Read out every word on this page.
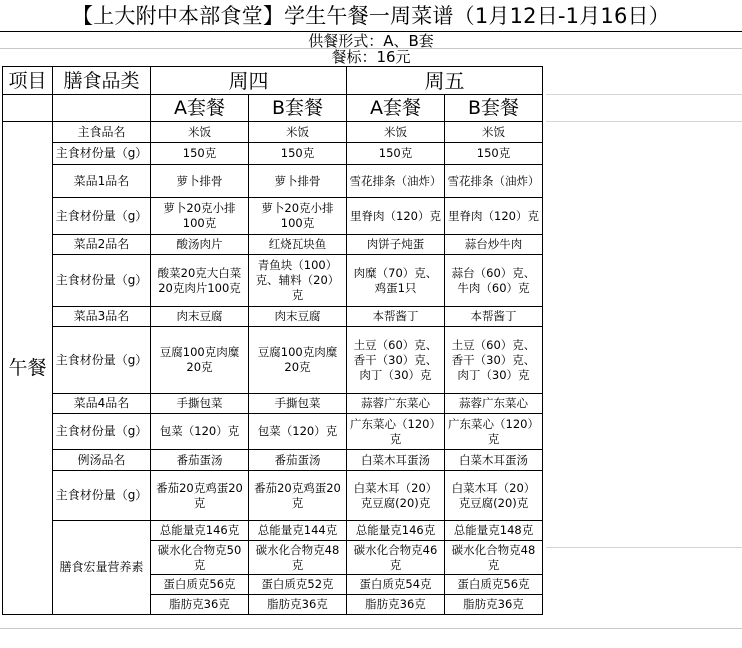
【上大附中本部食堂】学生午餐一周菜谱（1月12日-1月16日）
供餐形式：A、B套
餐标：16元
项目	膳食品类	周四		周五	
		A套餐	B套餐	A套餐	B套餐
午餐	主食品名	米饭	米饭	米饭	米饭
	主食材份量（g）	150克	150克	150克	150克
	菜品1品名	萝卜排骨	萝卜排骨	雪花排条（油炸）	雪花排条（油炸）
	主食材份量（g）	萝卜20克小排100克	萝卜20克小排100克	里脊肉（120）克	里脊肉（120）克
	菜品2品名	酸汤肉片	红烧瓦块鱼	肉饼子炖蛋	蒜台炒牛肉
	主食材份量（g）	酸菜20克大白菜20克肉片100克	青鱼块（100）克、辅料（20）克	肉糜（70）克、鸡蛋1只	蒜台（60）克、牛肉（60）克
	菜品3品名	肉末豆腐	肉末豆腐	本帮酱丁	本帮酱丁
	主食材份量（g）	豆腐100克肉糜20克	豆腐100克肉糜20克	土豆（60）克、香干（30）克、肉丁（30）克	土豆（60）克、香干（30）克、肉丁（30）克
	菜品4品名	手撕包菜	手撕包菜	蒜蓉广东菜心	蒜蓉广东菜心
	主食材份量（g）	包菜（120）克	包菜（120）克	广东菜心（120）克	广东菜心（120）克
	例汤品名	番茄蛋汤	番茄蛋汤	白菜木耳蛋汤	白菜木耳蛋汤
	主食材份量（g）	番茄20克鸡蛋20克	番茄20克鸡蛋20克	白菜木耳（20）克豆腐(20)克	白菜木耳（20）克豆腐(20)克
	膳食宏量营养素	总能量克146克	总能量克144克	总能量克146克	总能量克148克
		碳水化合物克50克	碳水化合物克48克	碳水化合物克46克	碳水化合物克48克
		蛋白质克56克	蛋白质克52克	蛋白质克54克	蛋白质克56克
		脂肪克36克	脂肪克36克	脂肪克36克	脂肪克36克
